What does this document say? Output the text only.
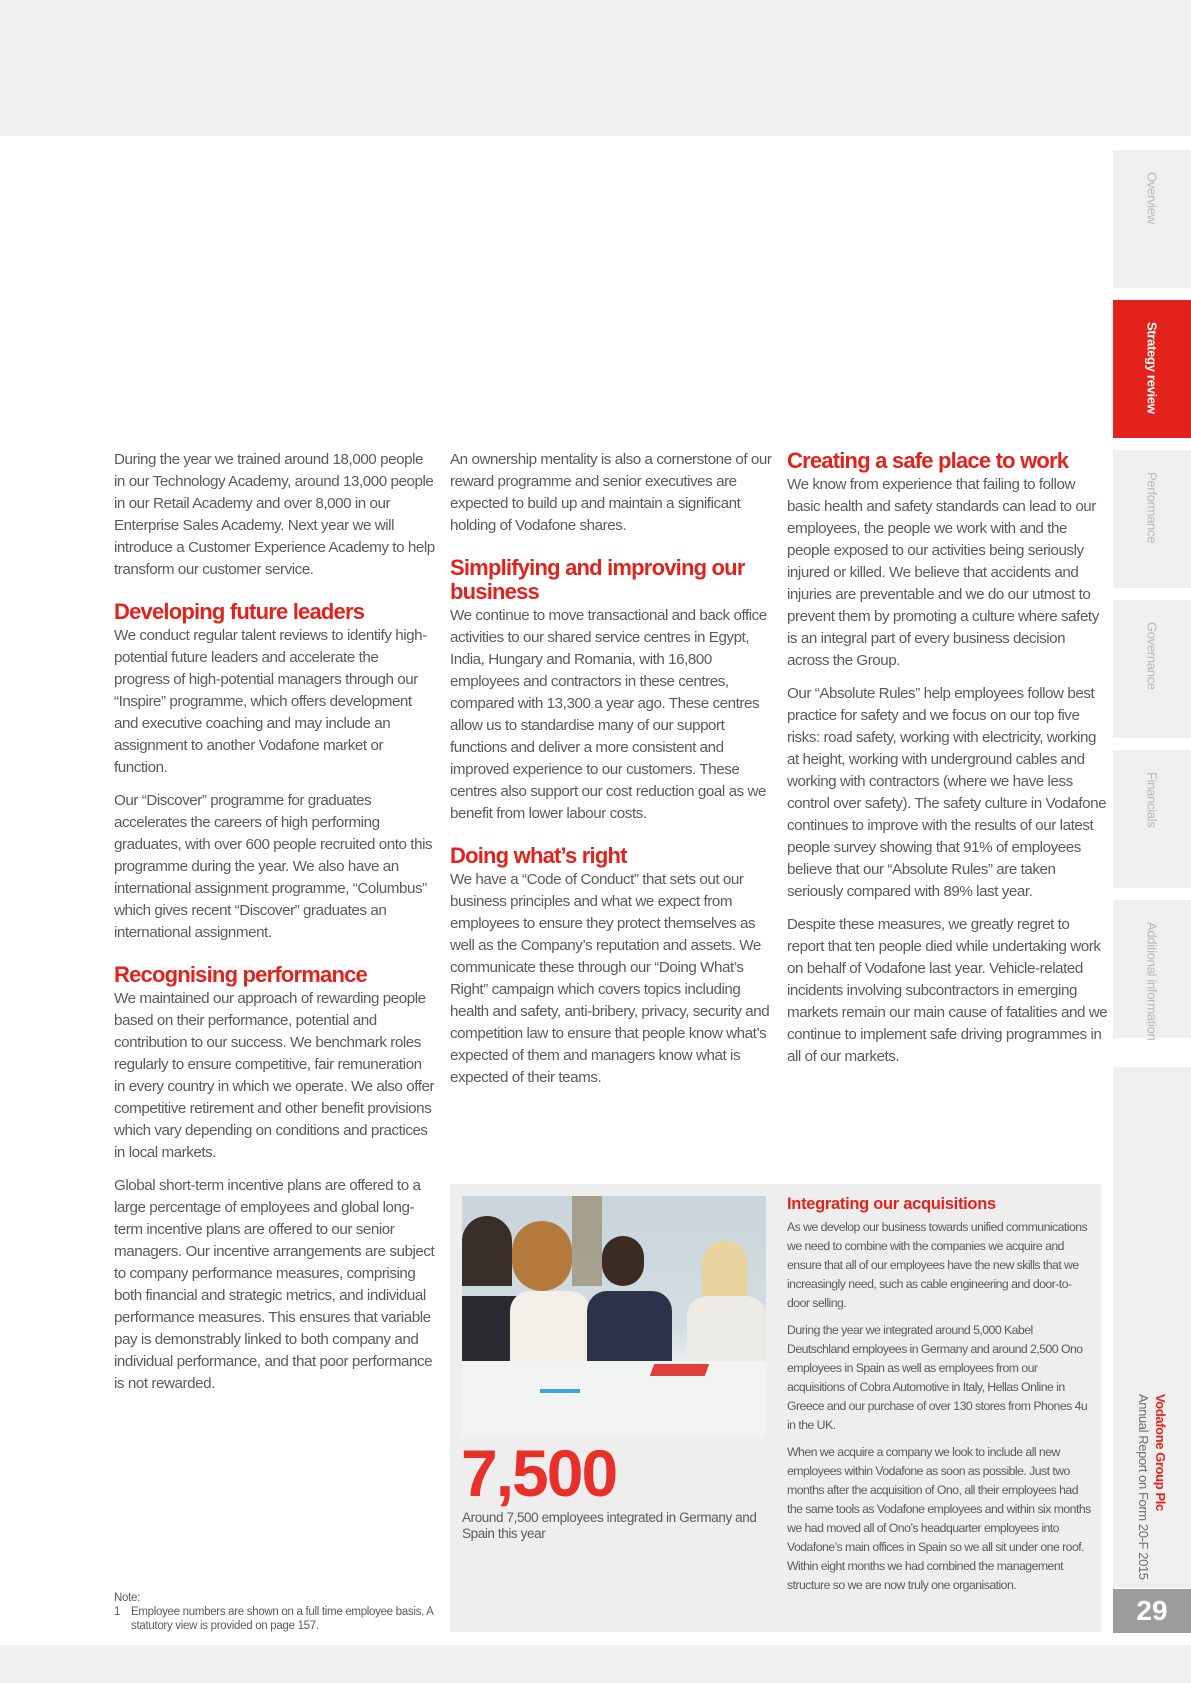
During the year we trained around 18,000 people in our Technology Academy, around 13,000 people in our Retail Academy and over 8,000 in our Enterprise Sales Academy. Next year we will introduce a Customer Experience Academy to help transform our customer service.

Developing future leaders

We conduct regular talent reviews to identify high-potential future leaders and accelerate the progress of high-potential managers through our “Inspire” programme, which offers development and executive coaching and may include an assignment to another Vodafone market or function.

Our “Discover” programme for graduates accelerates the careers of high performing graduates, with over 600 people recruited onto this programme during the year. We also have an international assignment programme, “Columbus” which gives recent “Discover” graduates an international assignment.

Recognising performance

We maintained our approach of rewarding people based on their performance, potential and contribution to our success. We benchmark roles regularly to ensure competitive, fair remuneration in every country in which we operate. We also offer competitive retirement and other benefit provisions which vary depending on conditions and practices in local markets.

Global short-term incentive plans are offered to a large percentage of employees and global long-term incentive plans are offered to our senior managers. Our incentive arrangements are subject to company performance measures, comprising both financial and strategic metrics, and individual performance measures. This ensures that variable pay is demonstrably linked to both company and individual performance, and that poor performance is not rewarded.

An ownership mentality is also a cornerstone of our reward programme and senior executives are expected to build up and maintain a significant holding of Vodafone shares.

Simplifying and improving our business

We continue to move transactional and back office activities to our shared service centres in Egypt, India, Hungary and Romania, with 16,800 employees and contractors in these centres, compared with 13,300 a year ago. These centres allow us to standardise many of our support functions and deliver a more consistent and improved experience to our customers. These centres also support our cost reduction goal as we benefit from lower labour costs.

Doing what’s right

We have a “Code of Conduct” that sets out our business principles and what we expect from employees to ensure they protect themselves as well as the Company’s reputation and assets. We communicate these through our “Doing What’s Right” campaign which covers topics including health and safety, anti-bribery, privacy, security and competition law to ensure that people know what’s expected of them and managers know what is expected of their teams.

Creating a safe place to work

We know from experience that failing to follow basic health and safety standards can lead to our employees, the people we work with and the people exposed to our activities being seriously injured or killed. We believe that accidents and injuries are preventable and we do our utmost to prevent them by promoting a culture where safety is an integral part of every business decision across the Group.

Our “Absolute Rules” help employees follow best practice for safety and we focus on our top five risks: road safety, working with electricity, working at height, working with underground cables and working with contractors (where we have less control over safety). The safety culture in Vodafone continues to improve with the results of our latest people survey showing that 91% of employees believe that our “Absolute Rules” are taken seriously compared with 89% last year.

Despite these measures, we greatly regret to report that ten people died while undertaking work on behalf of Vodafone last year. Vehicle-related incidents involving subcontractors in emerging markets remain our main cause of fatalities and we continue to implement safe driving programmes in all of our markets.

7,500
Around 7,500 employees integrated in Germany and Spain this year
Integrating our acquisitions

As we develop our business towards unified communications we need to combine with the companies we acquire and ensure that all of our employees have the new skills that we increasingly need, such as cable engineering and door-to-door selling.

During the year we integrated around 5,000 Kabel Deutschland employees in Germany and around 2,500 Ono employees in Spain as well as employees from our acquisitions of Cobra Automotive in Italy, Hellas Online in Greece and our purchase of over 130 stores from Phones 4u in the UK.

When we acquire a company we look to include all new employees within Vodafone as soon as possible. Just two months after the acquisition of Ono, all their employees had the same tools as Vodafone employees and within six months we had moved all of Ono’s headquarter employees into Vodafone’s main offices in Spain so we all sit under one roof. Within eight months we had combined the management structure so we are now truly one organisation.

Note:
1 Employee numbers are shown on a full time employee basis. A statutory view is provided on page 157.
Overview
Strategy review
Performance
Governance
Financials
Additional information
Vodafone Group Plc
Annual Report on Form 20-F 2015
29
